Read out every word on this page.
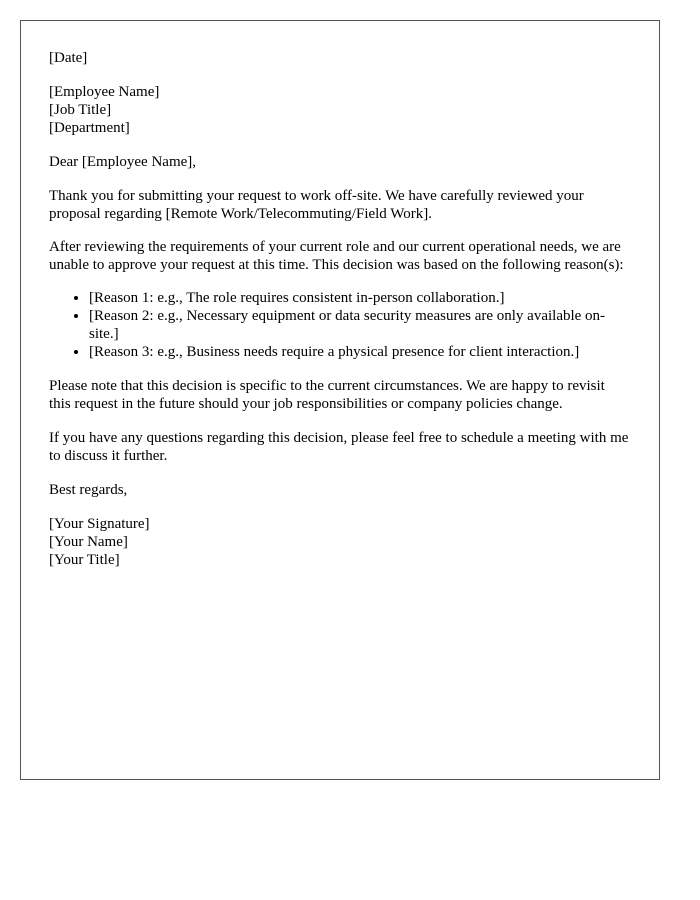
[Date]
[Employee Name]
[Job Title]
[Department]
Dear [Employee Name],

Thank you for submitting your request to work off-site. We have carefully reviewed your proposal regarding [Remote Work/Telecommuting/Field Work].

After reviewing the requirements of your current role and our current operational needs, we are unable to approve your request at this time. This decision was based on the following reason(s):

• [Reason 1: e.g., The role requires consistent in-person collaboration.]
• [Reason 2: e.g., Necessary equipment or data security measures are only available on-site.]
• [Reason 3: e.g., Business needs require a physical presence for client interaction.]

Please note that this decision is specific to the current circumstances. We are happy to revisit this request in the future should your job responsibilities or company policies change.

If you have any questions regarding this decision, please feel free to schedule a meeting with me to discuss it further.

Best regards,
[Your Signature]
[Your Name]
[Your Title]
